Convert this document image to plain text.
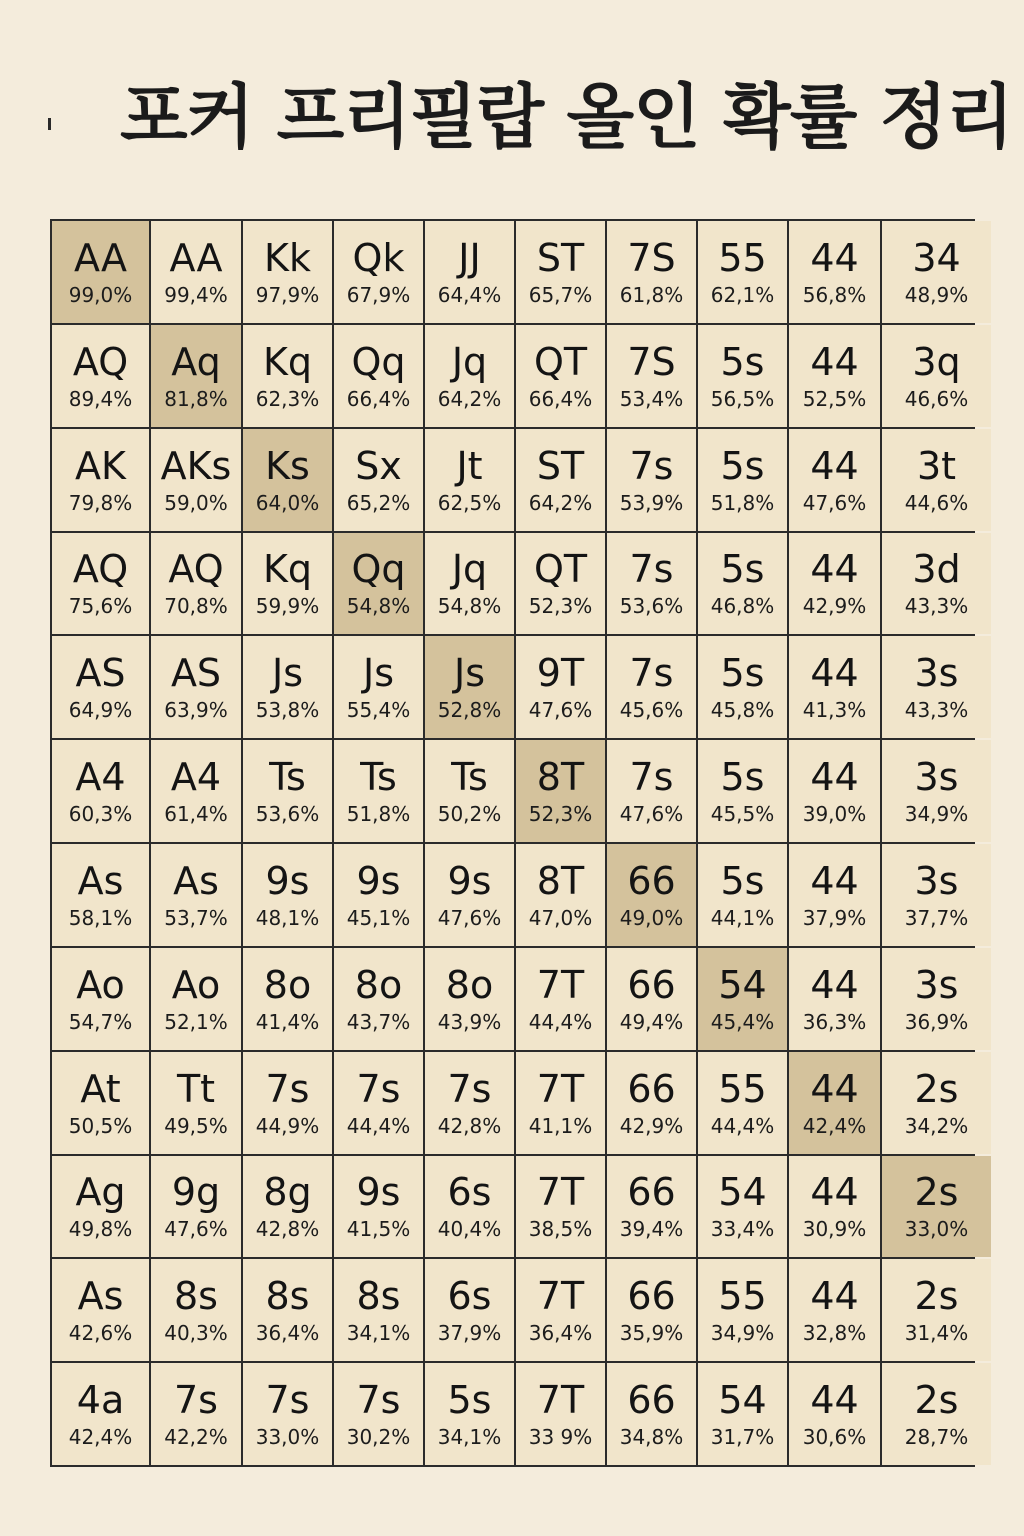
포커 프리필랍 올인 확률 정리
AA
99,0%
AA
99,4%
Kk
97,9%
Qk
67,9%
JJ
64,4%
ST
65,7%
7S
61,8%
55
62,1%
44
56,8%
34
48,9%
AQ
89,4%
Aq
81,8%
Kq
62,3%
Qq
66,4%
Jq
64,2%
QT
66,4%
7S
53,4%
5s
56,5%
44
52,5%
3q
46,6%
AK
79,8%
AKs
59,0%
Ks
64,0%
Sx
65,2%
Jt
62,5%
ST
64,2%
7s
53,9%
5s
51,8%
44
47,6%
3t
44,6%
AQ
75,6%
AQ
70,8%
Kq
59,9%
Qq
54,8%
Jq
54,8%
QT
52,3%
7s
53,6%
5s
46,8%
44
42,9%
3d
43,3%
AS
64,9%
AS
63,9%
Js
53,8%
Js
55,4%
Js
52,8%
9T
47,6%
7s
45,6%
5s
45,8%
44
41,3%
3s
43,3%
A4
60,3%
A4
61,4%
Ts
53,6%
Ts
51,8%
Ts
50,2%
8T
52,3%
7s
47,6%
5s
45,5%
44
39,0%
3s
34,9%
As
58,1%
As
53,7%
9s
48,1%
9s
45,1%
9s
47,6%
8T
47,0%
66
49,0%
5s
44,1%
44
37,9%
3s
37,7%
Ao
54,7%
Ao
52,1%
8o
41,4%
8o
43,7%
8o
43,9%
7T
44,4%
66
49,4%
54
45,4%
44
36,3%
3s
36,9%
At
50,5%
Tt
49,5%
7s
44,9%
7s
44,4%
7s
42,8%
7T
41,1%
66
42,9%
55
44,4%
44
42,4%
2s
34,2%
Ag
49,8%
9g
47,6%
8g
42,8%
9s
41,5%
6s
40,4%
7T
38,5%
66
39,4%
54
33,4%
44
30,9%
2s
33,0%
As
42,6%
8s
40,3%
8s
36,4%
8s
34,1%
6s
37,9%
7T
36,4%
66
35,9%
55
34,9%
44
32,8%
2s
31,4%
4a
42,4%
7s
42,2%
7s
33,0%
7s
30,2%
5s
34,1%
7T
33 9%
66
34,8%
54
31,7%
44
30,6%
2s
28,7%
